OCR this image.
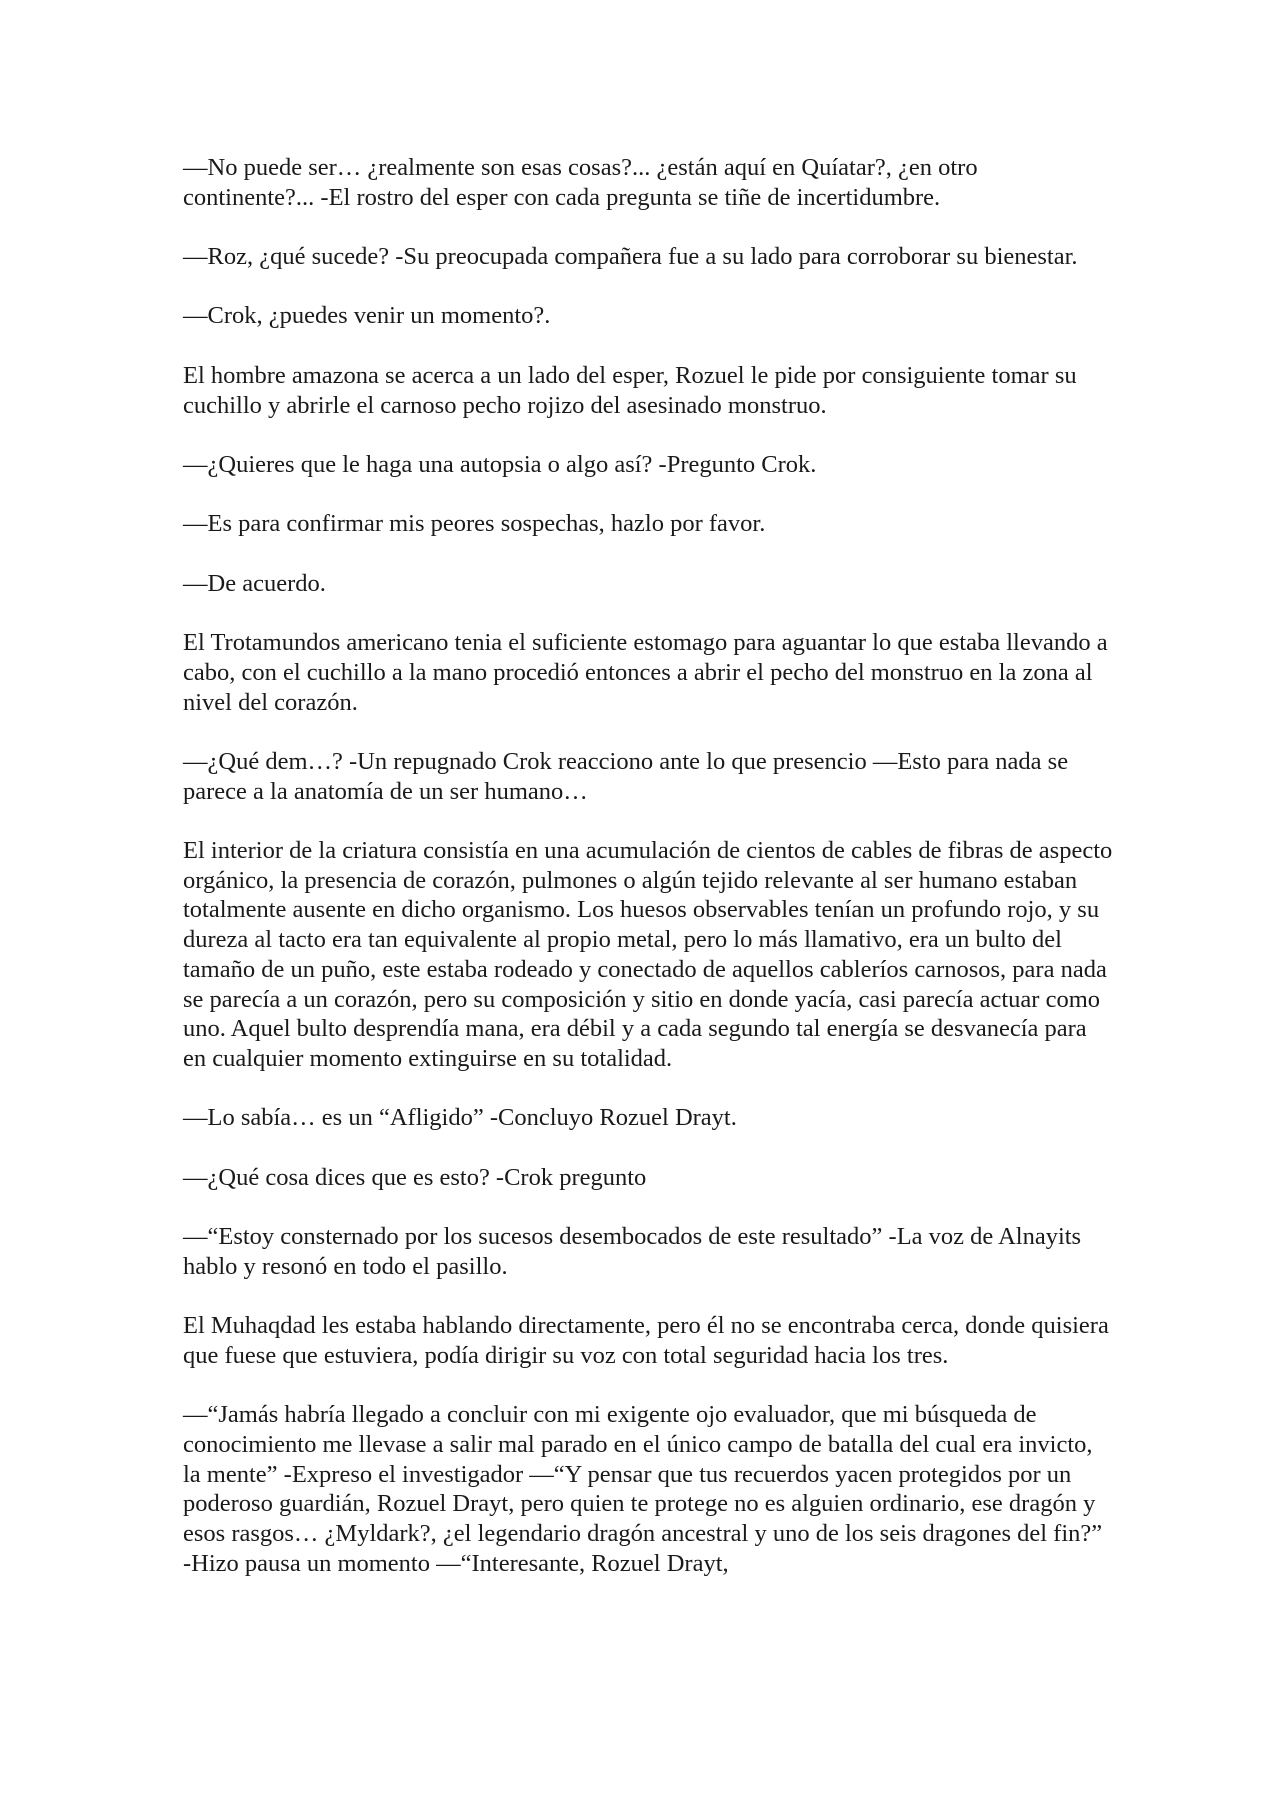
—No puede ser… ¿realmente son esas cosas?... ¿están aquí en Quíatar?, ¿en otro continente?... -El rostro del esper con cada pregunta se tiñe de incertidumbre.

—Roz, ¿qué sucede? -Su preocupada compañera fue a su lado para corroborar su bienestar.

—Crok, ¿puedes venir un momento?.

El hombre amazona se acerca a un lado del esper, Rozuel le pide por consiguiente tomar su cuchillo y abrirle el carnoso pecho rojizo del asesinado monstruo.

—¿Quieres que le haga una autopsia o algo así? -Pregunto Crok.

—Es para confirmar mis peores sospechas, hazlo por favor.

—De acuerdo.

El Trotamundos americano tenia el suficiente estomago para aguantar lo que estaba llevando a cabo, con el cuchillo a la mano procedió entonces a abrir el pecho del monstruo en la zona al nivel del corazón.

—¿Qué dem…? -Un repugnado Crok reacciono ante lo que presencio —Esto para nada se parece a la anatomía de un ser humano…

El interior de la criatura consistía en una acumulación de cientos de cables de fibras de aspecto orgánico, la presencia de corazón, pulmones o algún tejido relevante al ser humano estaban totalmente ausente en dicho organismo. Los huesos observables tenían un profundo rojo, y su dureza al tacto era tan equivalente al propio metal, pero lo más llamativo, era un bulto del tamaño de un puño, este estaba rodeado y conectado de aquellos cableríos carnosos, para nada se parecía a un corazón, pero su composición y sitio en donde yacía, casi parecía actuar como uno. Aquel bulto desprendía mana, era débil y a cada segundo tal energía se desvanecía para en cualquier momento extinguirse en su totalidad.

—Lo sabía… es un “Afligido” -Concluyo Rozuel Drayt.

—¿Qué cosa dices que es esto? -Crok pregunto

—“Estoy consternado por los sucesos desembocados de este resultado” -La voz de Alnayits hablo y resonó en todo el pasillo.

El Muhaqdad les estaba hablando directamente, pero él no se encontraba cerca, donde quisiera que fuese que estuviera, podía dirigir su voz con total seguridad hacia los tres.

—“Jamás habría llegado a concluir con mi exigente ojo evaluador, que mi búsqueda de conocimiento me llevase a salir mal parado en el único campo de batalla del cual era invicto, la mente” -Expreso el investigador —“Y pensar que tus recuerdos yacen protegidos por un poderoso guardián, Rozuel Drayt, pero quien te protege no es alguien ordinario, ese dragón y esos rasgos… ¿Myldark?, ¿el legendario dragón ancestral y uno de los seis dragones del fin?” -Hizo pausa un momento —“Interesante, Rozuel Drayt,
